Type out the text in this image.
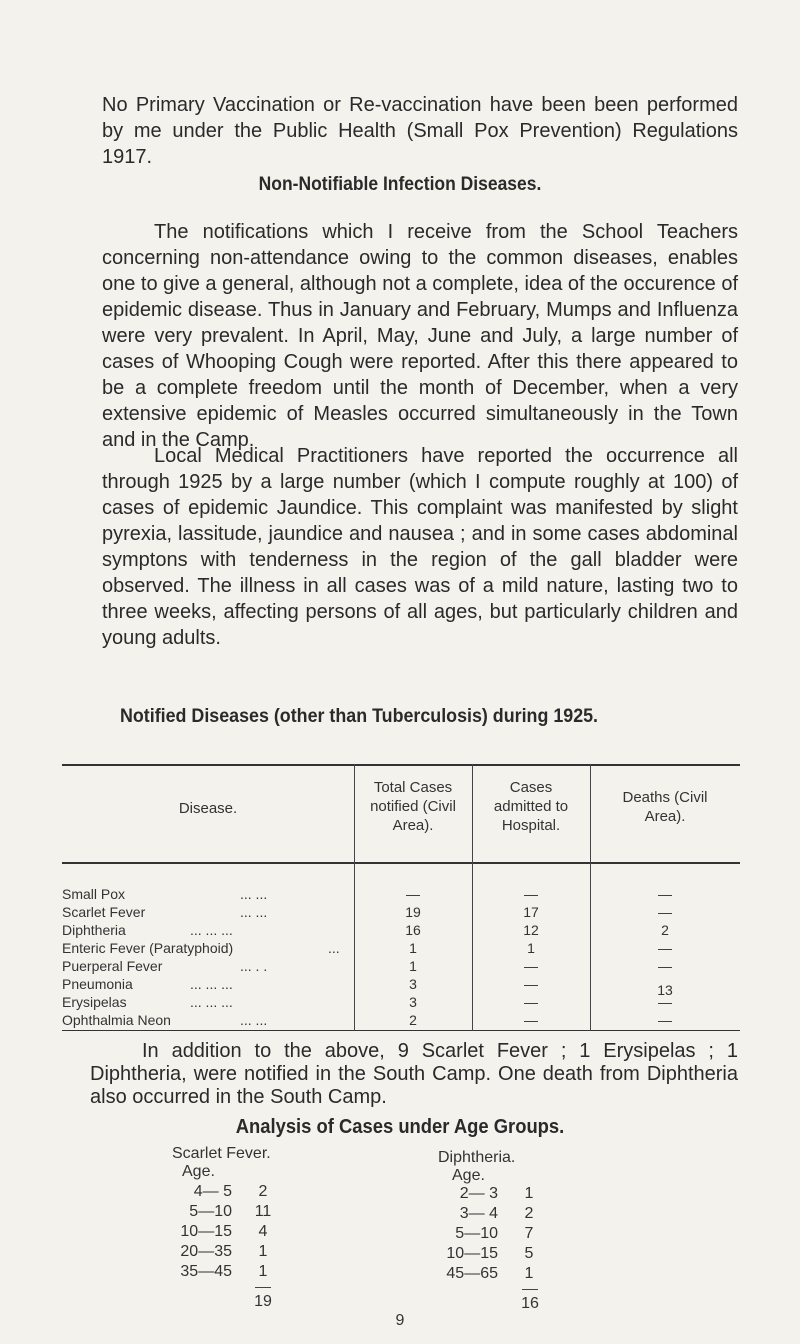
No Primary Vaccination or Re-vaccination have been been performed by me under the Public Health (Small Pox Prevention) Regulations 1917.

Non-Notifiable Infection Diseases.

The notifications which I receive from the School Teachers concerning non-attendance owing to the common diseases, enables one to give a general, although not a complete, idea of the occurence of epidemic disease. Thus in January and February, Mumps and Influenza were very prevalent. In April, May, June and July, a large number of cases of Whooping Cough were reported. After this there appeared to be a complete freedom until the month of December, when a very extensive epidemic of Measles occurred simultaneously in the Town and in the Camp.

Local Medical Practitioners have reported the occurrence all through 1925 by a large number (which I compute roughly at 100) of cases of epidemic Jaundice. This complaint was manifested by slight pyrexia, lassitude, jaundice and nausea ; and in some cases abdominal symptons with tenderness in the region of the gall bladder were observed. The illness in all cases was of a mild nature, lasting two to three weeks, affecting persons of all ages, but particularly children and young adults.

Notified Diseases (other than Tuberculosis) during 1925.
Disease.
Total Cases notified (Civil Area).
Cases admitted to Hospital.
Deaths (Civil Area).
Small Pox	... ...	—	—	—
Scarlet Fever	... ...	19	17	—
Diphtheria	... ... ...	16	12	2
Enteric Fever (Paratyphoid)	...	1	1	—
Puerperal Fever	... . .	1	—	—
Pneumonia	... ... ...	3	—	13
Erysipelas	... ... ...	3	—	—
Ophthalmia Neon	... ...	2	—	—

In addition to the above, 9 Scarlet Fever ; 1 Erysipelas ; 1 Diphtheria, were notified in the South Camp. One death from Diphtheria also occurred in the South Camp.

Analysis of Cases under Age Groups.
Scarlet Fever.
Age.
4— 5	2
5—10 11
10—15	4
20—35	1
35—45	1
19
Diphtheria.
Age.
2— 3	1
3— 4	2
5—10	7
10—15	5
45—65	1
16
9
